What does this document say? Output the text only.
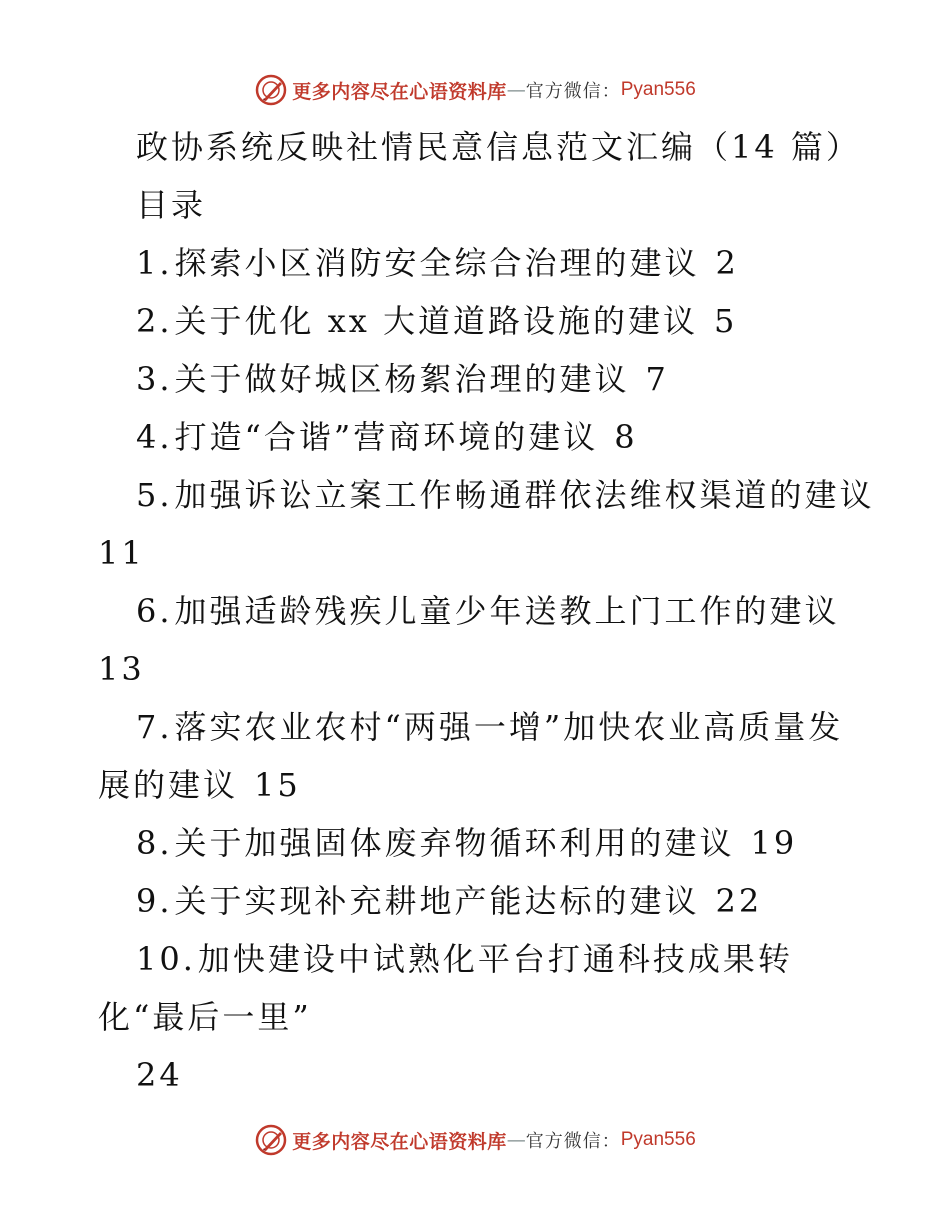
更多内容尽在心语资料库 — 官方微信： Pyan556
政协系统反映社情民意信息范文汇编（14 篇）
目录
1.探索小区消防安全综合治理的建议 2
2.关于优化 xx 大道道路设施的建议 5
3.关于做好城区杨絮治理的建议 7
4.打造“合谐”营商环境的建议 8
5.加强诉讼立案工作畅通群依法维权渠道的建议
11
6.加强适龄残疾儿童少年送教上门工作的建议
13
7.落实农业农村“两强一增”加快农业高质量发
展的建议 15
8.关于加强固体废弃物循环利用的建议 19
9.关于实现补充耕地产能达标的建议 22
10.加快建设中试熟化平台打通科技成果转
化“最后一里”
24
更多内容尽在心语资料库 — 官方微信： Pyan556
